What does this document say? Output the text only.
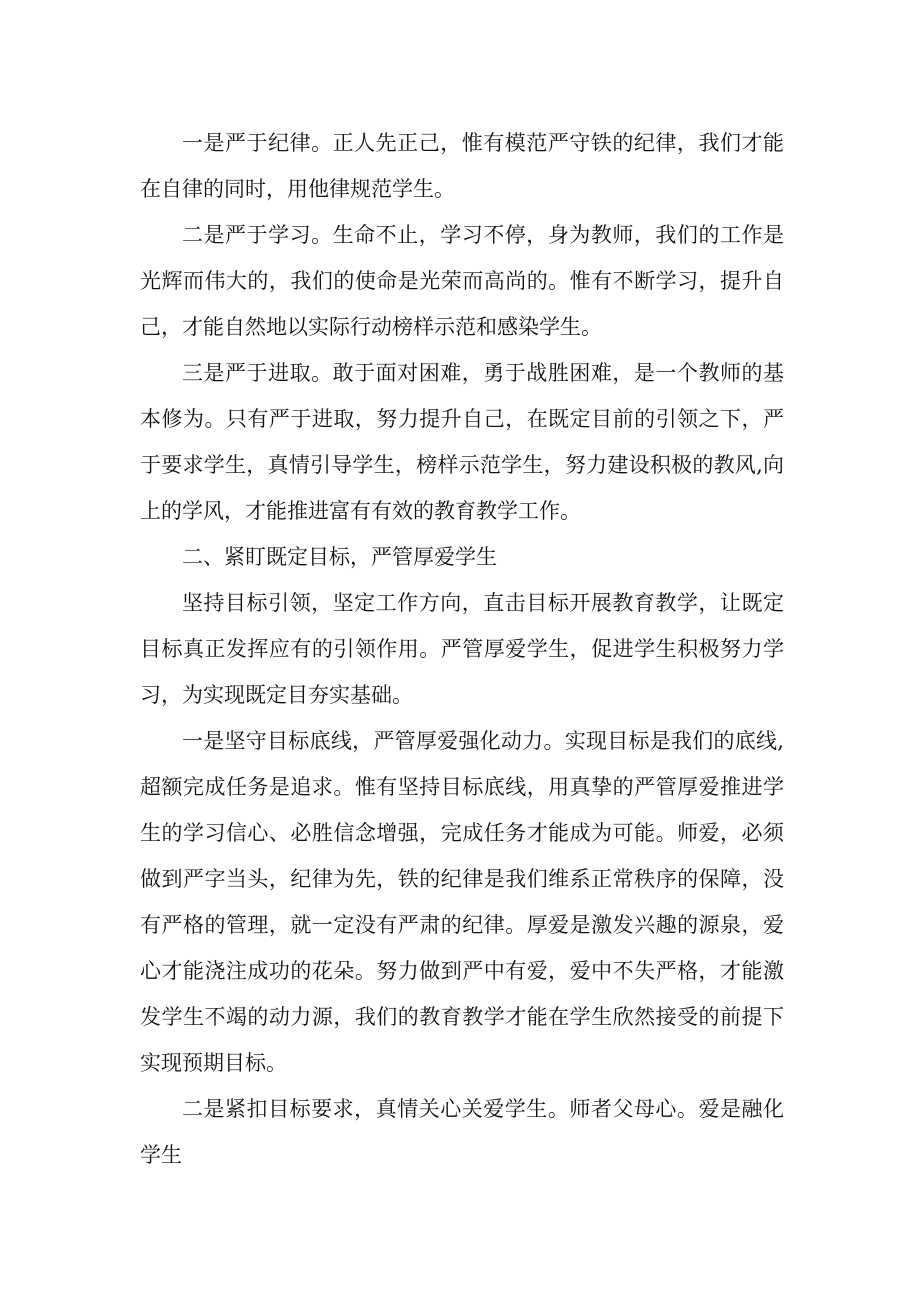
一是严于纪律。正人先正己，惟有模范严守铁的纪律，我们才能在自律的同时，用他律规范学生。

二是严于学习。生命不止，学习不停，身为教师，我们的工作是光辉而伟大的，我们的使命是光荣而高尚的。惟有不断学习，提升自己，才能自然地以实际行动榜样示范和感染学生。

三是严于进取。敢于面对困难，勇于战胜困难，是一个教师的基本修为。只有严于进取，努力提升自己，在既定目前的引领之下，严于要求学生，真情引导学生，榜样示范学生，努力建设积极的教风,向上的学风，才能推进富有有效的教育教学工作。

二、紧盯既定目标，严管厚爱学生

坚持目标引领，坚定工作方向，直击目标开展教育教学，让既定目标真正发挥应有的引领作用。严管厚爱学生，促进学生积极努力学习，为实现既定目夯实基础。

一是坚守目标底线，严管厚爱强化动力。实现目标是我们的底线,超额完成任务是追求。惟有坚持目标底线，用真挚的严管厚爱推进学生的学习信心、必胜信念增强，完成任务才能成为可能。师爱，必须做到严字当头，纪律为先，铁的纪律是我们维系正常秩序的保障，没有严格的管理，就一定没有严肃的纪律。厚爱是激发兴趣的源泉，爱心才能浇注成功的花朵。努力做到严中有爱，爱中不失严格，才能激发学生不竭的动力源，我们的教育教学才能在学生欣然接受的前提下实现预期目标。

二是紧扣目标要求，真情关心关爱学生。师者父母心。爱是融化学生
